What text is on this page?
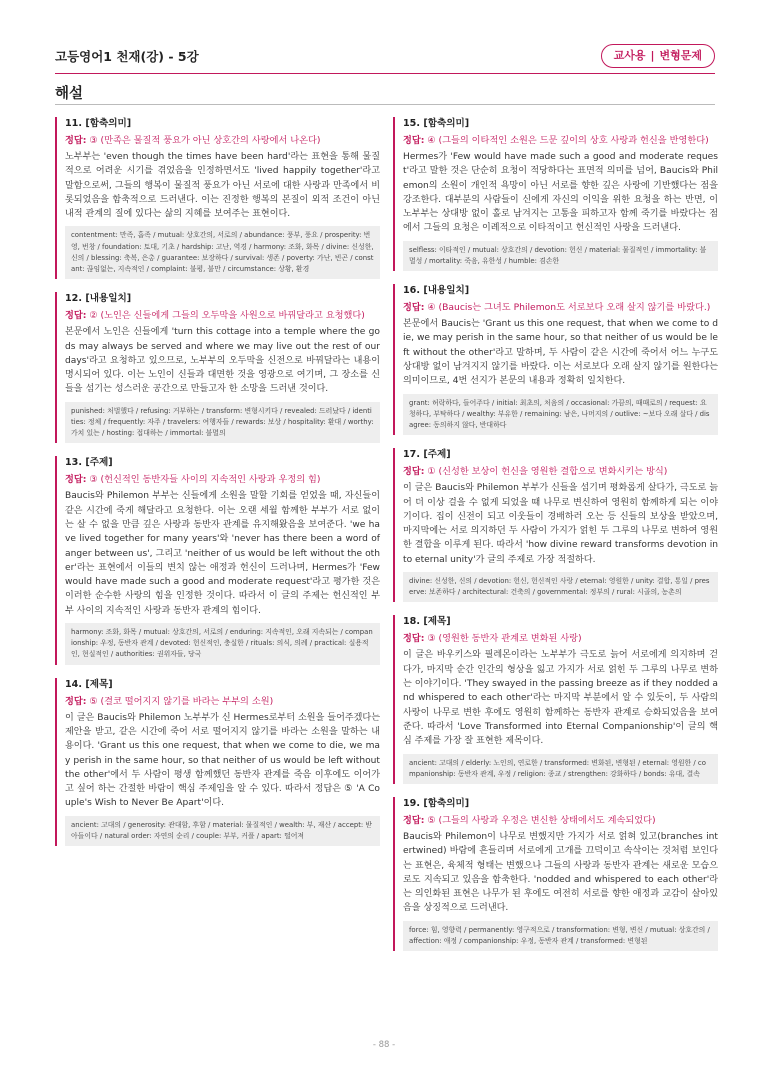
고등영어1 천재(강) - 5강	교사용 | 변형문제
해설
11. [함축의미]
정답: ③ (만족은 물질적 풍요가 아닌 상호간의 사랑에서 나온다)

노부부는 'even though the times have been hard'라는 표현을 통해 물질적으로 어려운 시기를 겪었음을 인정하면서도 'lived happily together'라고 말함으로써, 그들의 행복이 물질적 풍요가 아닌 서로에 대한 사랑과 만족에서 비롯되었음을 함축적으로 드러낸다. 이는 진정한 행복의 본질이 외적 조건이 아닌 내적 관계의 질에 있다는 삶의 지혜를 보여주는 표현이다.

contentment: 만족, 흡족 / mutual: 상호간의, 서로의 / abundance: 풍부, 풍요 / prosperity: 번영, 번창 / foundation: 토대, 기초 / hardship: 고난, 역경 / harmony: 조화, 화목 / divine: 신성한, 신의 / blessing: 축복, 은총 / guarantee: 보장하다 / survival: 생존 / poverty: 가난, 빈곤 / constant: 끊임없는, 지속적인 / complaint: 불평, 불만 / circumstance: 상황, 환경
12. [내용일치]
정답: ② (노인은 신들에게 그들의 오두막을 사원으로 바꿔달라고 요청했다)

본문에서 노인은 신들에게 'turn this cottage into a temple where the gods may always be served and where we may live out the rest of our days'라고 요청하고 있으므로, 노부부의 오두막을 신전으로 바꿔달라는 내용이 명시되어 있다. 이는 노인이 신들과 대면한 것을 영광으로 여기며, 그 장소를 신들을 섬기는 성스러운 공간으로 만들고자 한 소망을 드러낸 것이다.

punished: 처벌했다 / refusing: 거부하는 / transform: 변형시키다 / revealed: 드러났다 / identities: 정체 / frequently: 자주 / travelers: 여행자들 / rewards: 보상 / hospitality: 환대 / worthy: 가치 있는 / hosting: 접대하는 / immortal: 불멸의
13. [주제]
정답: ③ (헌신적인 동반자들 사이의 지속적인 사랑과 우정의 힘)

Baucis와 Philemon 부부는 신들에게 소원을 말할 기회를 얻었을 때, 자신들이 같은 시간에 죽게 해달라고 요청한다. 이는 오랜 세월 함께한 부부가 서로 없이는 살 수 없을 만큼 깊은 사랑과 동반자 관계를 유지해왔음을 보여준다. 'we have lived together for many years'와 'never has there been a word of anger between us', 그리고 'neither of us would be left without the other'라는 표현에서 이들의 변치 않는 애정과 헌신이 드러나며, Hermes가 'Few would have made such a good and moderate request'라고 평가한 것은 이러한 순수한 사랑의 힘을 인정한 것이다. 따라서 이 글의 주제는 헌신적인 부부 사이의 지속적인 사랑과 동반자 관계의 힘이다.

harmony: 조화, 화목 / mutual: 상호간의, 서로의 / enduring: 지속적인, 오래 지속되는 / companionship: 우정, 동반자 관계 / devoted: 헌신적인, 충실한 / rituals: 의식, 의례 / practical: 실용적인, 현실적인 / authorities: 권위자들, 당국
14. [제목]
정답: ⑤ (결코 떨어지지 않기를 바라는 부부의 소원)

이 글은 Baucis와 Philemon 노부부가 신 Hermes로부터 소원을 들어주겠다는 제안을 받고, 같은 시간에 죽어 서로 떨어지지 않기를 바라는 소원을 말하는 내용이다. 'Grant us this one request, that when we come to die, we may perish in the same hour, so that neither of us would be left without the other'에서 두 사람이 평생 함께했던 동반자 관계를 죽음 이후에도 이어가고 싶어 하는 간절한 바람이 핵심 주제임을 알 수 있다. 따라서 정답은 ⑤ 'A Couple's Wish to Never Be Apart'이다.

ancient: 고대의 / generosity: 관대함, 후함 / material: 물질적인 / wealth: 부, 재산 / accept: 받아들이다 / natural order: 자연의 순리 / couple: 부부, 커플 / apart: 떨어져
15. [함축의미]
정답: ④ (그들의 이타적인 소원은 드문 깊이의 상호 사랑과 헌신을 반영한다)

Hermes가 'Few would have made such a good and moderate request'라고 말한 것은 단순히 요청이 적당하다는 표면적 의미를 넘어, Baucis와 Philemon의 소원이 개인적 욕망이 아닌 서로를 향한 깊은 사랑에 기반했다는 점을 강조한다. 대부분의 사람들이 신에게 자신의 이익을 위한 요청을 하는 반면, 이 노부부는 상대방 없이 홀로 남겨지는 고통을 피하고자 함께 죽기를 바랐다는 점에서 그들의 요청은 이례적으로 이타적이고 헌신적인 사랑을 드러낸다.

selfless: 이타적인 / mutual: 상호간의 / devotion: 헌신 / material: 물질적인 / immortality: 불멸성 / mortality: 죽음, 유한성 / humble: 겸손한
16. [내용일치]
정답: ④ (Baucis는 그녀도 Philemon도 서로보다 오래 살지 않기를 바랐다.)

본문에서 Baucis는 'Grant us this one request, that when we come to die, we may perish in the same hour, so that neither of us would be left without the other'라고 말하며, 두 사람이 같은 시간에 죽어서 어느 누구도 상대방 없이 남겨지지 않기를 바랐다. 이는 서로보다 오래 살지 않기를 원한다는 의미이므로, 4번 선지가 본문의 내용과 정확히 일치한다.

grant: 허락하다, 들어주다 / initial: 최초의, 처음의 / occasional: 가끔의, 때때로의 / request: 요청하다, 부탁하다 / wealthy: 부유한 / remaining: 남은, 나머지의 / outlive: ~보다 오래 살다 / disagree: 동의하지 않다, 반대하다
17. [주제]
정답: ① (신성한 보상이 헌신을 영원한 결합으로 변화시키는 방식)

이 글은 Baucis와 Philemon 부부가 신들을 섬기며 평화롭게 살다가, 극도로 늙어 더 이상 걸을 수 없게 되었을 때 나무로 변신하여 영원히 함께하게 되는 이야기이다. 집이 신전이 되고 이웃들이 경배하러 오는 등 신들의 보상을 받았으며, 마지막에는 서로 의지하던 두 사람이 가지가 얽힌 두 그루의 나무로 변하여 영원한 결합을 이루게 된다. 따라서 'how divine reward transforms devotion into eternal unity'가 글의 주제로 가장 적절하다.

divine: 신성한, 신의 / devotion: 헌신, 헌신적인 사랑 / eternal: 영원한 / unity: 결합, 통일 / preserve: 보존하다 / architectural: 건축의 / governmental: 정부의 / rural: 시골의, 농촌의
18. [제목]
정답: ③ (영원한 동반자 관계로 변화된 사랑)

이 글은 바우키스와 필레몬이라는 노부부가 극도로 늙어 서로에게 의지하며 걷다가, 마지막 순간 인간의 형상을 잃고 가지가 서로 얽힌 두 그루의 나무로 변하는 이야기이다. 'They swayed in the passing breeze as if they nodded and whispered to each other'라는 마지막 부분에서 알 수 있듯이, 두 사람의 사랑이 나무로 변한 후에도 영원히 함께하는 동반자 관계로 승화되었음을 보여준다. 따라서 'Love Transformed into Eternal Companionship'이 글의 핵심 주제를 가장 잘 표현한 제목이다.

ancient: 고대의 / elderly: 노인의, 연로한 / transformed: 변화된, 변형된 / eternal: 영원한 / companionship: 동반자 관계, 우정 / religion: 종교 / strengthen: 강화하다 / bonds: 유대, 결속
19. [함축의미]
정답: ⑤ (그들의 사랑과 우정은 변신한 상태에서도 계속되었다)

Baucis와 Philemon이 나무로 변했지만 가지가 서로 얽혀 있고(branches intertwined) 바람에 흔들리며 서로에게 고개를 끄덕이고 속삭이는 것처럼 보인다는 표현은, 육체적 형태는 변했으나 그들의 사랑과 동반자 관계는 새로운 모습으로도 지속되고 있음을 함축한다. 'nodded and whispered to each other'라는 의인화된 표현은 나무가 된 후에도 여전히 서로를 향한 애정과 교감이 살아있음을 상징적으로 드러낸다.

force: 힘, 영향력 / permanently: 영구적으로 / transformation: 변형, 변신 / mutual: 상호간의 / affection: 애정 / companionship: 우정, 동반자 관계 / transformed: 변형된
- 88 -
